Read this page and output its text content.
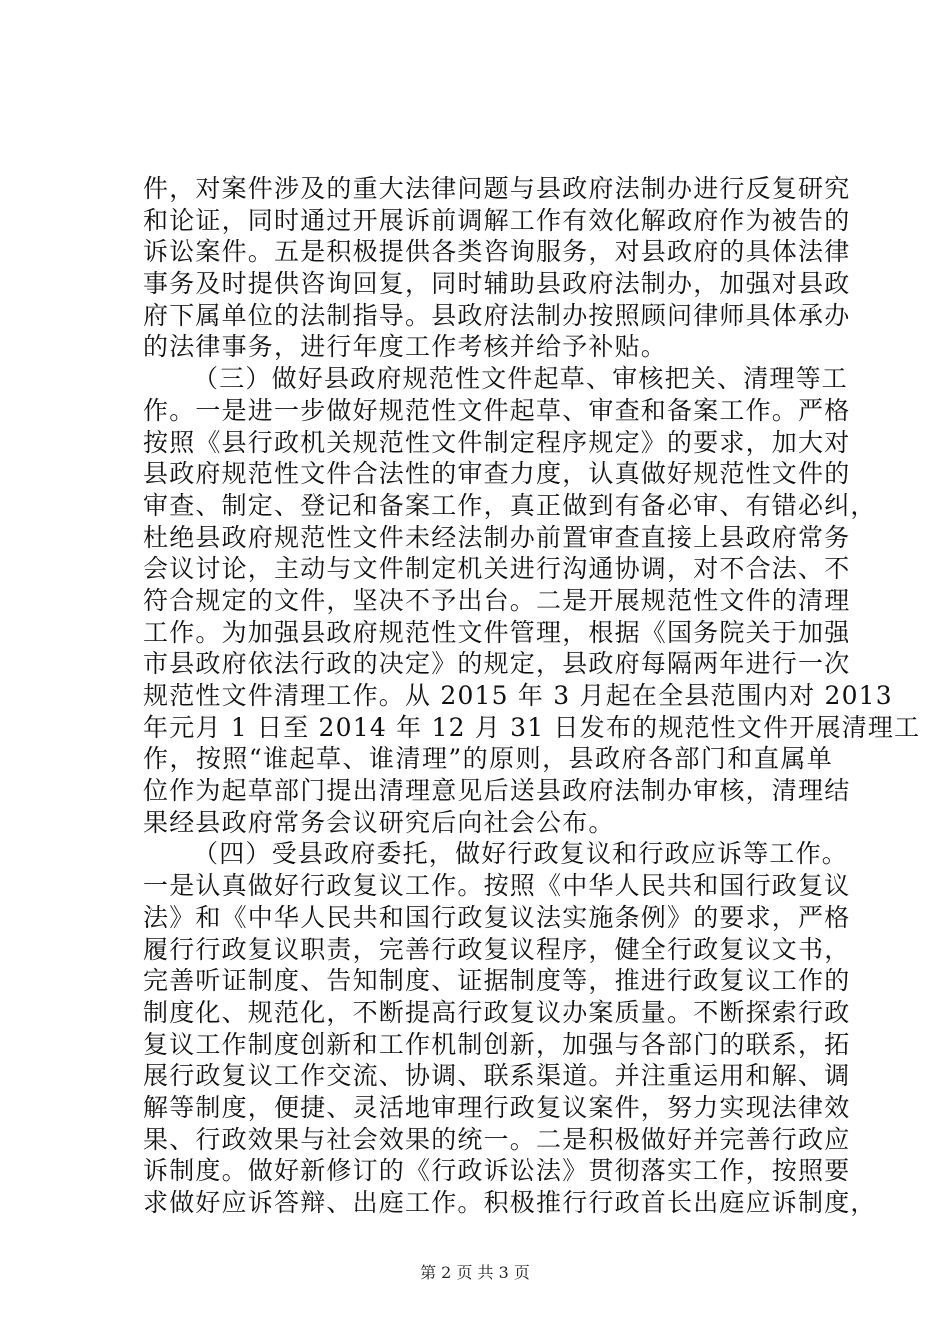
件，对案件涉及的重大法律问题与县政府法制办进行反复研究
和论证，同时通过开展诉前调解工作有效化解政府作为被告的
诉讼案件。五是积极提供各类咨询服务，对县政府的具体法律
事务及时提供咨询回复，同时辅助县政府法制办，加强对县政
府下属单位的法制指导。县政府法制办按照顾问律师具体承办
的法律事务，进行年度工作考核并给予补贴。
（三）做好县政府规范性文件起草、审核把关、清理等工
作。一是进一步做好规范性文件起草、审查和备案工作。严格
按照《县行政机关规范性文件制定程序规定》的要求，加大对
县政府规范性文件合法性的审查力度，认真做好规范性文件的
审查、制定、登记和备案工作，真正做到有备必审、有错必纠，
杜绝县政府规范性文件未经法制办前置审查直接上县政府常务
会议讨论，主动与文件制定机关进行沟通协调，对不合法、不
符合规定的文件，坚决不予出台。二是开展规范性文件的清理
工作。为加强县政府规范性文件管理，根据《国务院关于加强
市县政府依法行政的决定》的规定，县政府每隔两年进行一次
规范性文件清理工作。从 2015 年 3 月起在全县范围内对 2013
年元月 1 日至 2014 年 12 月 31 日发布的规范性文件开展清理工
作，按照“谁起草、谁清理”的原则，县政府各部门和直属单
位作为起草部门提出清理意见后送县政府法制办审核，清理结
果经县政府常务会议研究后向社会公布。
（四）受县政府委托，做好行政复议和行政应诉等工作。
一是认真做好行政复议工作。按照《中华人民共和国行政复议
法》和《中华人民共和国行政复议法实施条例》的要求，严格
履行行政复议职责，完善行政复议程序，健全行政复议文书，
完善听证制度、告知制度、证据制度等，推进行政复议工作的
制度化、规范化，不断提高行政复议办案质量。不断探索行政
复议工作制度创新和工作机制创新，加强与各部门的联系，拓
展行政复议工作交流、协调、联系渠道。并注重运用和解、调
解等制度，便捷、灵活地审理行政复议案件，努力实现法律效
果、行政效果与社会效果的统一。二是积极做好并完善行政应
诉制度。做好新修订的《行政诉讼法》贯彻落实工作，按照要
求做好应诉答辩、出庭工作。积极推行行政首长出庭应诉制度，
第 2 页 共 3 页
